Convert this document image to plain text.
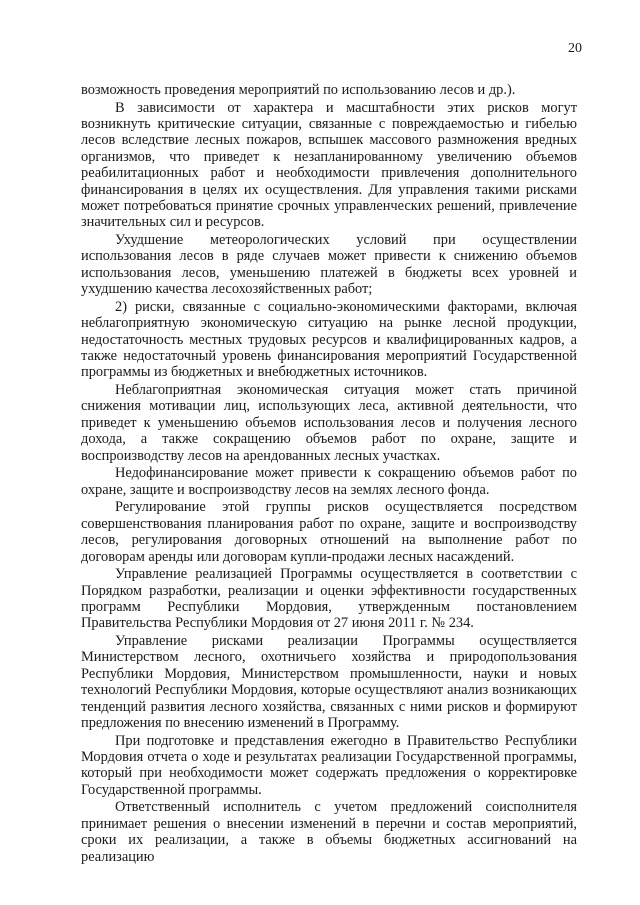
20

возможность проведения мероприятий по использованию лесов и др.).

В зависимости от характера и масштабности этих рисков могут возникнуть критические ситуации, связанные с повреждаемостью и гибелью лесов вследствие лесных пожаров, вспышек массового размножения вредных организмов, что приведет к незапланированному увеличению объемов реабилитационных работ и необходимости привлечения дополнительного финансирования в целях их осуществления. Для управления такими рисками может потребоваться принятие срочных управленческих решений, привлечение значительных сил и ресурсов.

Ухудшение метеорологических условий при осуществлении использования лесов в ряде случаев может привести к снижению объемов использования лесов, уменьшению платежей в бюджеты всех уровней и ухудшению качества лесохозяйственных работ;

2) риски, связанные с социально-экономическими факторами, включая неблагоприятную экономическую ситуацию на рынке лесной продукции, недостаточность местных трудовых ресурсов и квалифицированных кадров, а также недостаточный уровень финансирования мероприятий Государственной программы из бюджетных и внебюджетных источников.

Неблагоприятная экономическая ситуация может стать причиной снижения мотивации лиц, использующих леса, активной деятельности, что приведет к уменьшению объемов использования лесов и получения лесного дохода, а также сокращению объемов работ по охране, защите и воспроизводству лесов на арендованных лесных участках.

Недофинансирование может привести к сокращению объемов работ по охране, защите и воспроизводству лесов на землях лесного фонда.

Регулирование этой группы рисков осуществляется посредством совершенствования планирования работ по охране, защите и воспроизводству лесов, регулирования договорных отношений на выполнение работ по договорам аренды или договорам купли-продажи лесных насаждений.

Управление реализацией Программы осуществляется в соответствии с Порядком разработки, реализации и оценки эффективности государственных программ Республики Мордовия, утвержденным постановлением Правительства Республики Мордовия от 27 июня 2011 г. № 234.

Управление рисками реализации Программы осуществляется Министерством лесного, охотничьего хозяйства и природопользования Республики Мордовия, Министерством промышленности, науки и новых технологий Республики Мордовия, которые осуществляют анализ возникающих тенденций развития лесного хозяйства, связанных с ними рисков и формируют предложения по внесению изменений в Программу.

При подготовке и представления ежегодно в Правительство Республики Мордовия отчета о ходе и результатах реализации Государственной программы, который при необходимости может содержать предложения о корректировке Государственной программы.

Ответственный исполнитель с учетом предложений соисполнителя принимает решения о внесении изменений в перечни и состав мероприятий, сроки их реализации, а также в объемы бюджетных ассигнований на реализацию
